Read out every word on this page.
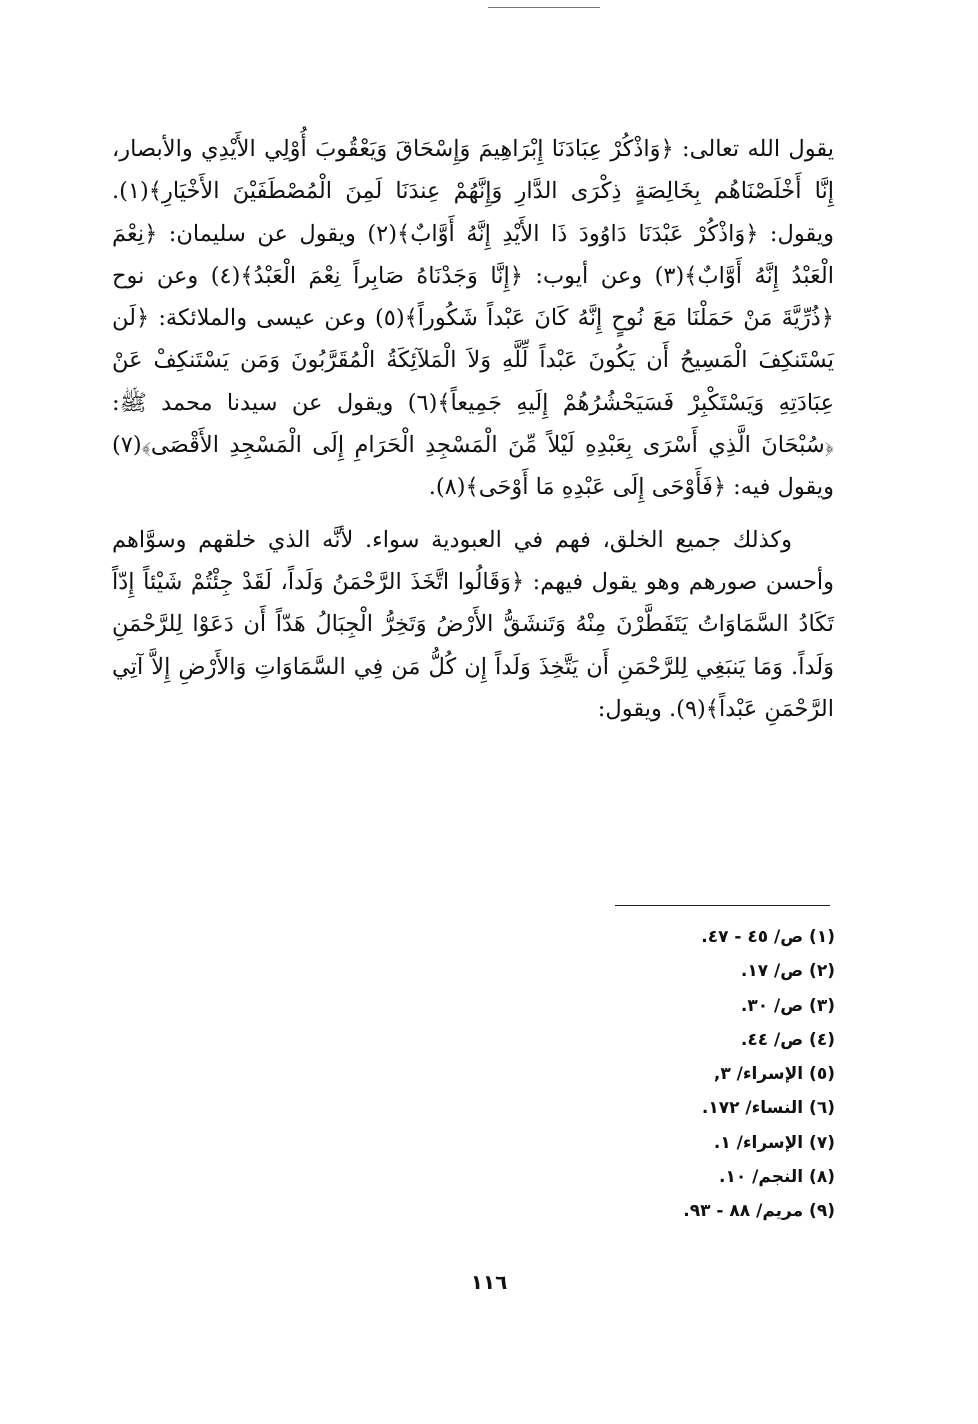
يقول الله تعالى: ﴿وَاذْكُرْ عِبَادَنَا إِبْرَاهِيمَ وَإِسْحَاقَ وَيَعْقُوبَ أُوْلِي الأَيْدِي والأبصار، إِنَّا أَخْلَصْنَاهُم بِخَالِصَةٍ ذِكْرَى الدَّارِ وَإِنَّهُمْ عِندَنَا لَمِنَ الْمُصْطَفَيْنَ الأَخْيَارِ﴾(١). ويقول: ﴿وَاذْكُرْ عَبْدَنَا دَاوُودَ ذَا الأَيْدِ إِنَّهُ أَوَّابٌ﴾(٢) ويقول عن سليمان: ﴿نِعْمَ الْعَبْدُ إِنَّهُ أَوَّابٌ﴾(٣) وعن أيوب: ﴿إِنَّا وَجَدْنَاهُ صَابِراً نِعْمَ الْعَبْدُ﴾(٤) وعن نوح ﴿ذُرِّيَّةَ مَنْ حَمَلْنَا مَعَ نُوحٍ إِنَّهُ كَانَ عَبْداً شَكُوراً﴾(٥) وعن عيسى والملائكة: ﴿لَن يَسْتَنكِفَ الْمَسِيحُ أَن يَكُونَ عَبْداً لِّلَّهِ وَلاَ الْمَلآئِكَةُ الْمُقَرَّبُونَ وَمَن يَسْتَنكِفْ عَنْ عِبَادَتِهِ وَيَسْتَكْبِرْ فَسَيَحْشُرُهُمْ إِلَيهِ جَمِيعاً﴾(٦) ويقول عن سيدنا محمد ﷺ: ﴿سُبْحَانَ الَّذِي أَسْرَى بِعَبْدِهِ لَيْلاً مِّنَ الْمَسْجِدِ الْحَرَامِ إِلَى الْمَسْجِدِ الأَقْصَى﴾(٧) ويقول فيه: ﴿فَأَوْحَى إِلَى عَبْدِهِ مَا أَوْحَى﴾(٨).

وكذلك جميع الخلق، فهم في العبودية سواء. لأنَّه الذي خلقهم وسوَّاهم وأحسن صورهم وهو يقول فيهم: ﴿وَقَالُوا اتَّخَذَ الرَّحْمَنُ وَلَداً، لَقَدْ جِئْتُمْ شَيْئاً إِدّاً تَكَادُ السَّمَاوَاتُ يَتَفَطَّرْنَ مِنْهُ وَتَنشَقُّ الأَرْضُ وَتَخِرُّ الْجِبَالُ هَدّاً أَن دَعَوْا لِلرَّحْمَنِ وَلَداً. وَمَا يَنبَغِي لِلرَّحْمَنِ أَن يَتَّخِذَ وَلَداً إِن كُلُّ مَن فِي السَّمَاوَاتِ وَالأَرْضِ إِلاَّ آتِي الرَّحْمَنِ عَبْداً﴾(٩). ويقول:

(١) ص/ ٤٥ - ٤٧.
(٢) ص/ ١٧.
(٣) ص/ ٣٠.
(٤) ص/ ٤٤.
(٥) الإسراء/ ٣,
(٦) النساء/ ١٧٢.
(٧) الإسراء/ ١.
(٨) النجم/ ١٠.
(٩) مريم/ ٨٨ - ٩٣.
١١٦
